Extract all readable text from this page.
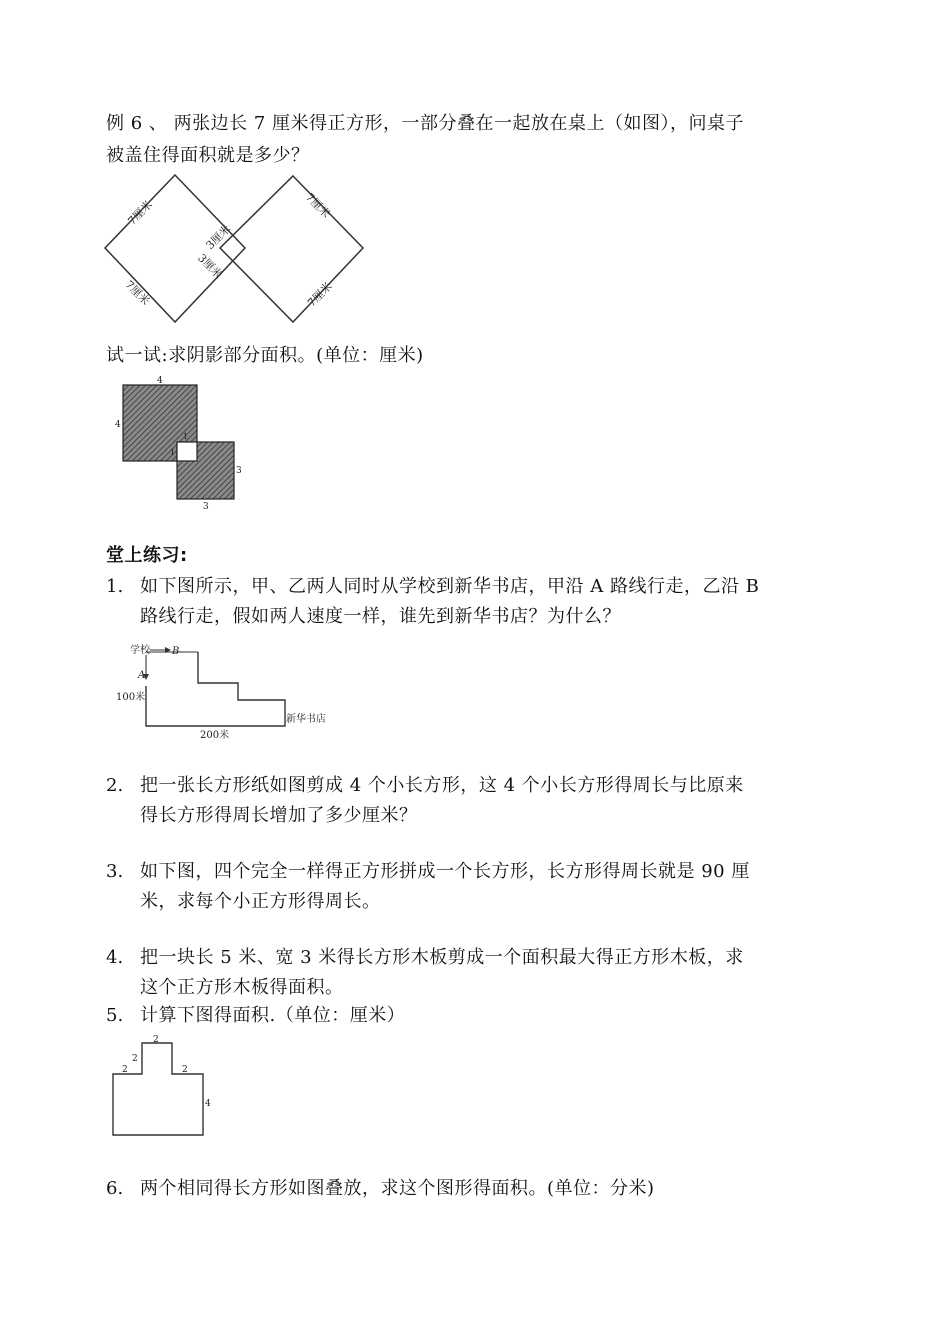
例 6 、 两张边长 7 厘米得正方形，一部分叠在一起放在桌上（如图），问桌子
被盖住得面积就是多少？
7厘米
3厘米
3厘米
7厘米
7厘米	7厘米
试一试:求阴影部分面积。(单位：厘米)
4
4
1
1
3
3
堂上练习:
1. 如下图所示，甲、乙两人同时从学校到新华书店，甲沿 A 路线行走，乙沿 B
路线行走，假如两人速度一样，谁先到新华书店？为什么？
学校 B
A
100米
200米
新华书店
2. 把一张长方形纸如图剪成 4 个小长方形，这 4 个小长方形得周长与比原来
得长方形得周长增加了多少厘米？
3. 如下图，四个完全一样得正方形拼成一个长方形，长方形得周长就是 90 厘
米，求每个小正方形得周长。
4. 把一块长 5 米、宽 3 米得长方形木板剪成一个面积最大得正方形木板，求
这个正方形木板得面积。
5. 计算下图得面积.（单位：厘米）
2
2
2	2
4
6. 两个相同得长方形如图叠放，求这个图形得面积。(单位：分米)
